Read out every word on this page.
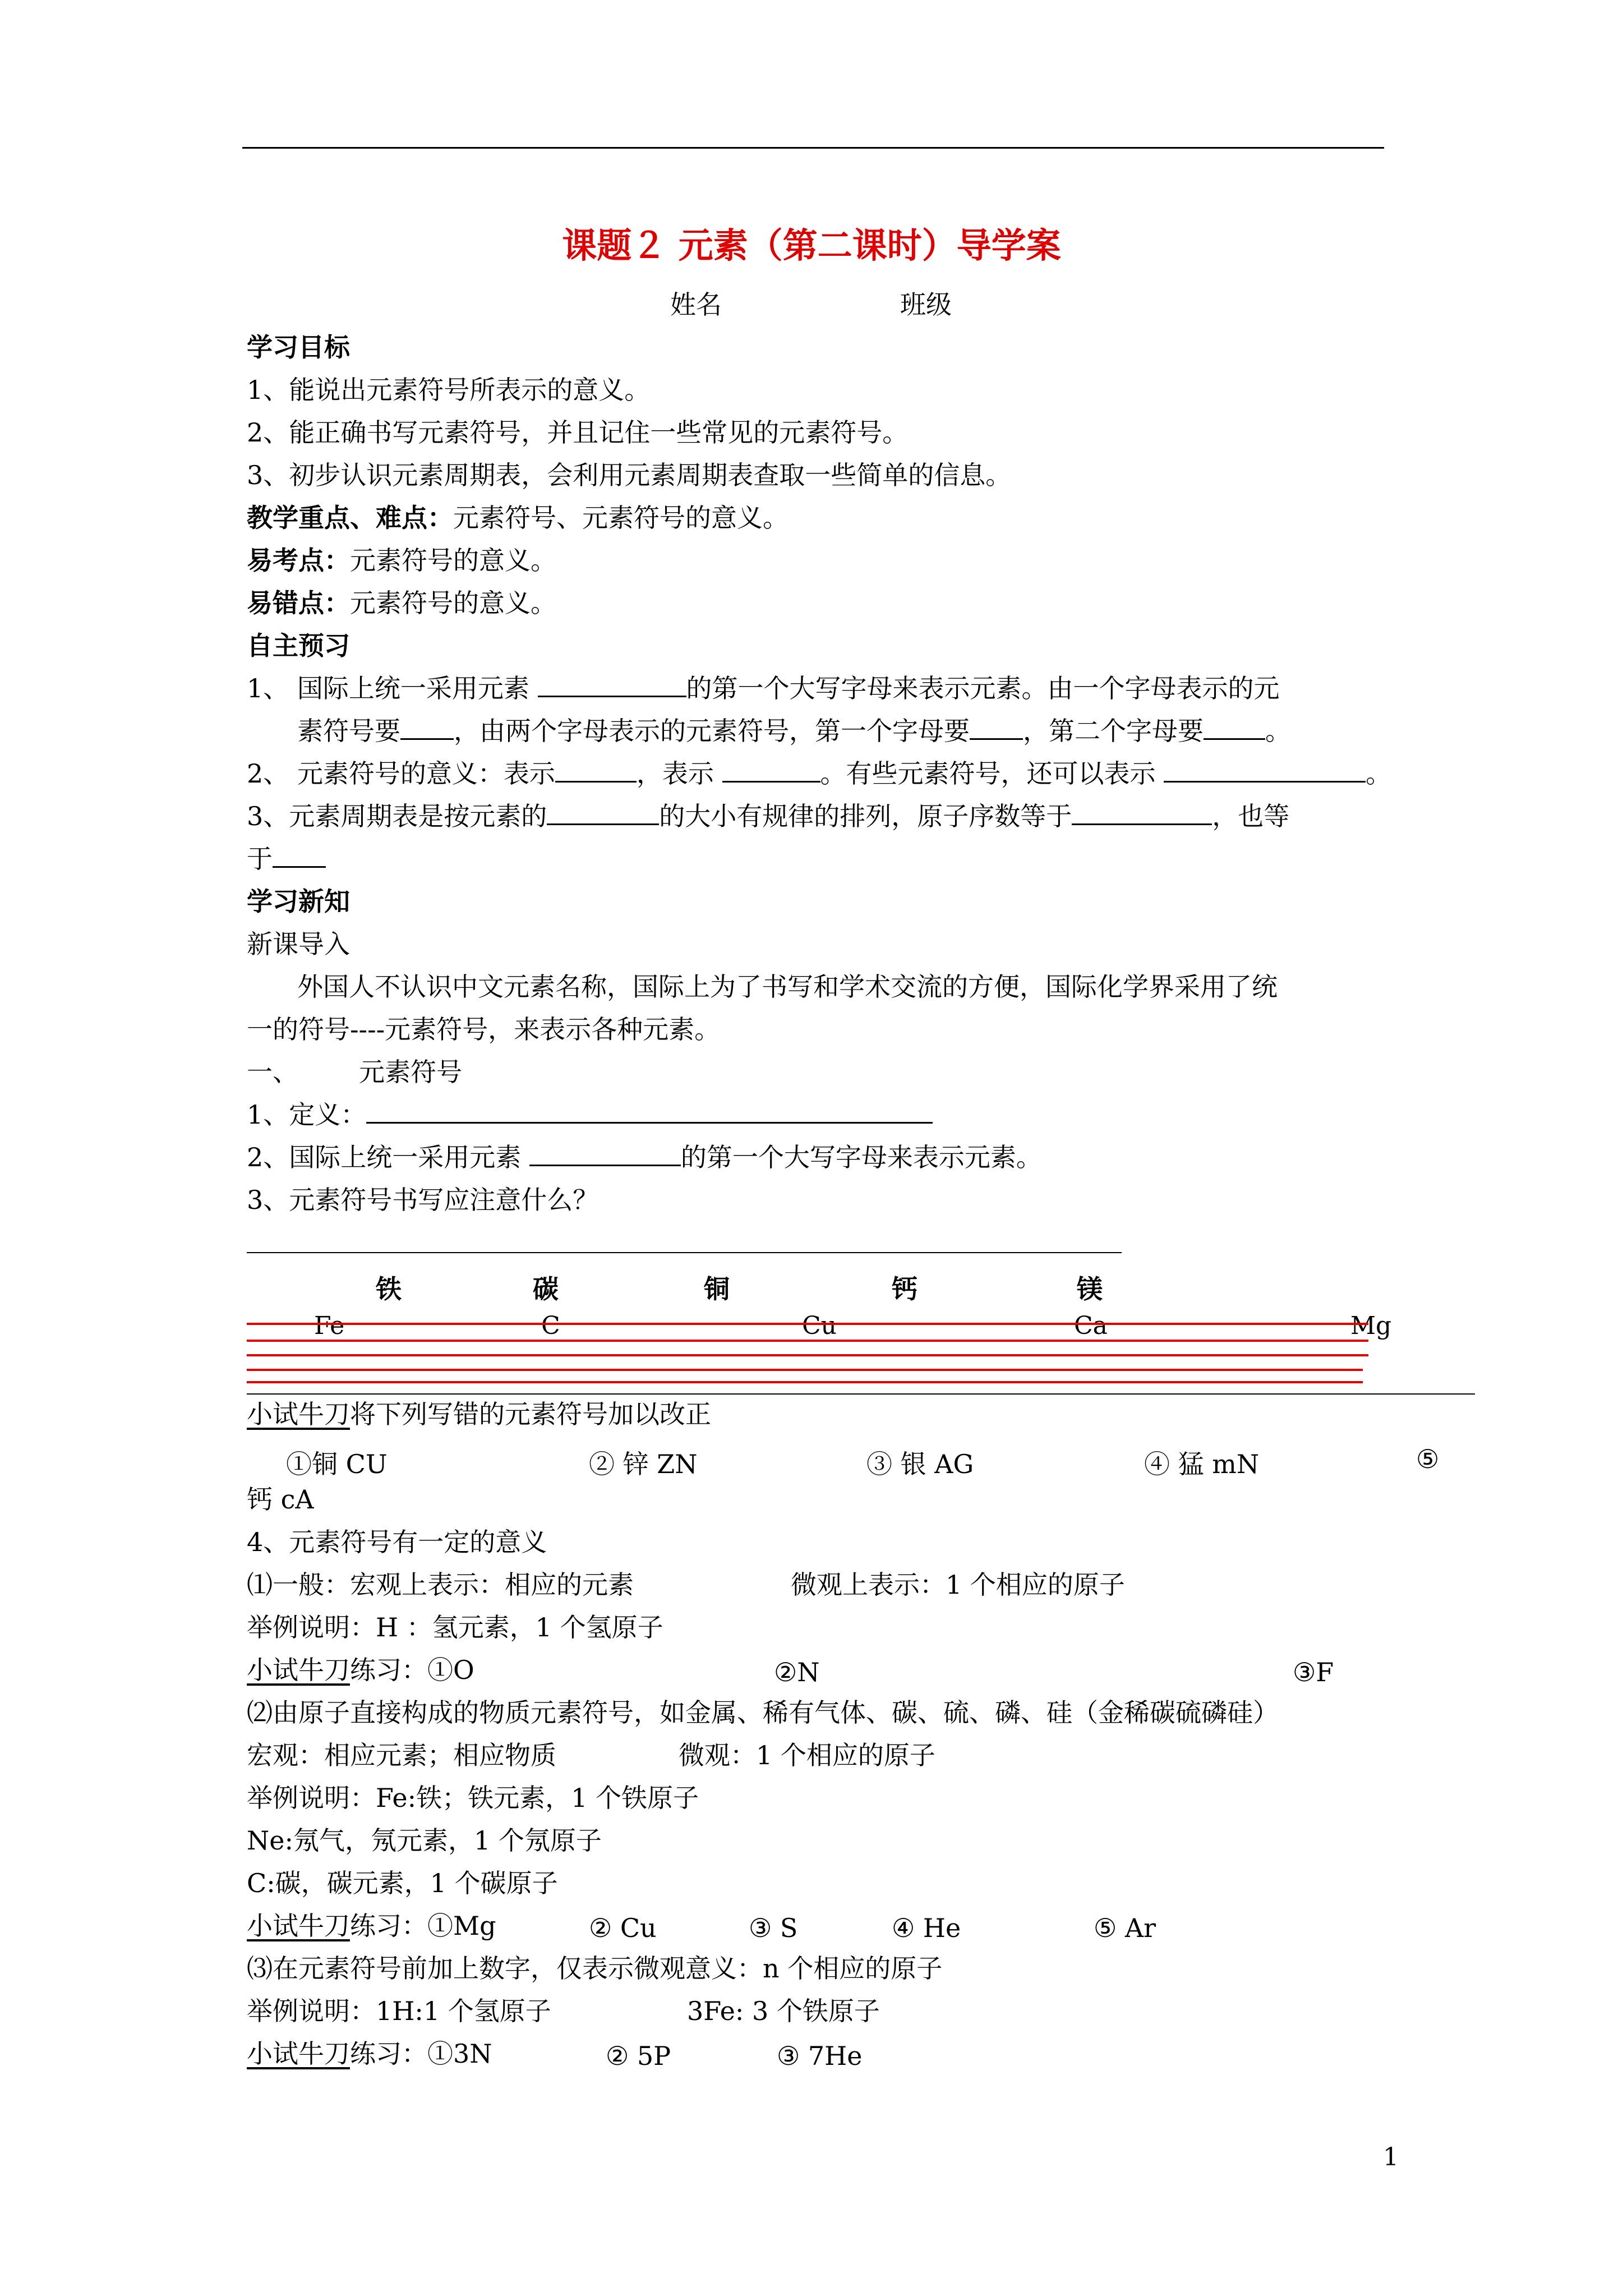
课题２ 元素（第二课时）导学案
姓名	班级
学习目标
1、能说出元素符号所表示的意义。
2、能正确书写元素符号，并且记住一些常见的元素符号。
3、初步认识元素周期表，会利用元素周期表查取一些简单的信息。
教学重点、难点：元素符号、元素符号的意义。
易考点：元素符号的意义。
易错点：元素符号的意义。
自主预习
1、 国际上统一采用元素	的第一个大写字母来表示元素。由一个字母表示的元
素符号要 ，由两个字母表示的元素符号，第一个字母要 ，第二个字母要 。
2、 元素符号的意义：表示	，表示	。有些元素符号，还可以表示	。
3、元素周期表是按元素的	的大小有规律的排列，原子序数等于	，也等
于
学习新知
新课导入
外国人不认识中文元素名称，国际上为了书写和学术交流的方便，国际化学界采用了统
一的符号----元素符号，来表示各种元素。
一、 元素符号
1、定义：
2、国际上统一采用元素	的第一个大写字母来表示元素。
3、元素符号书写应注意什么？
铁	碳	铜	钙	镁
Fe	C	Cu	Ca	Mg
小试牛刀将下列写错的元素符号加以改正
①铜 CU	② 锌 ZN	③ 银 AG	④ 猛 mN	⑤
钙 cA
4、元素符号有一定的意义
⑴一般：宏观上表示：相应的元素	微观上表示：1 个相应的原子
举例说明：H ：氢元素，1 个氢原子
小试牛刀练习：①O	②N	③F
⑵由原子直接构成的物质元素符号，如金属、稀有气体、碳、硫、磷、硅（金稀碳硫磷硅）
宏观：相应元素；相应物质	微观：1 个相应的原子
举例说明：Fe:铁；铁元素，1 个铁原子
Ne:氖气，氖元素，1 个氖原子
C:碳，碳元素，1 个碳原子
小试牛刀练习：①Mg	② Cu	③ S	④ He	⑤ Ar
⑶在元素符号前加上数字，仅表示微观意义：n 个相应的原子
举例说明：1H:1 个氢原子	3Fe: 3 个铁原子
小试牛刀练习：①3N	② 5P	③ 7He
1
